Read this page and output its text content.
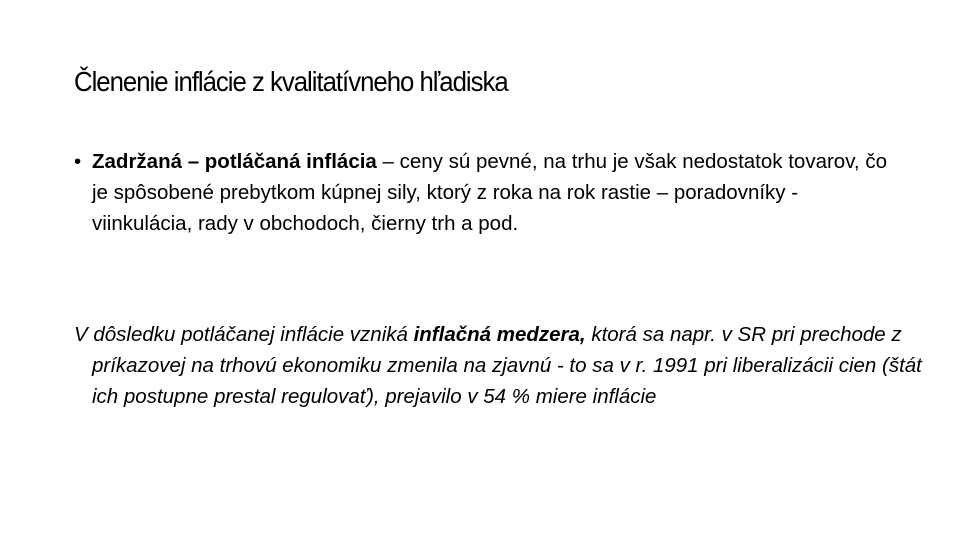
Členenie inflácie z kvalitatívneho hľadiska
• Zadržaná – potláčaná inflácia – ceny sú pevné, na trhu je však nedostatok tovarov, čo je spôsobené prebytkom kúpnej sily, ktorý z roka na rok rastie – poradovníky - viinkulácia, rady v obchodoch, čierny trh a pod.
V dôsledku potláčanej inflácie vzniká inflačná medzera, ktorá sa napr. v SR pri prechode z príkazovej na trhovú ekonomiku zmenila na zjavnú - to sa v r. 1991 pri liberalizácii cien (štát ich postupne prestal regulovať), prejavilo v 54 % miere inflácie
